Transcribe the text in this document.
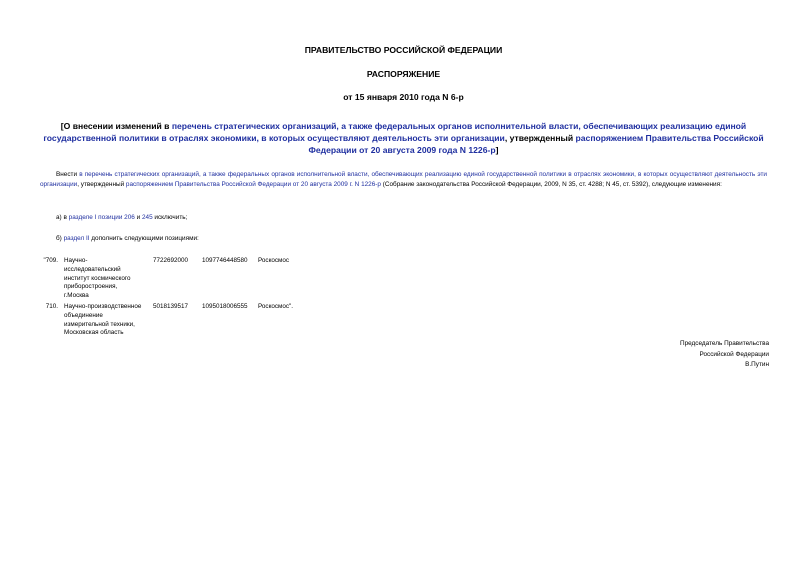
ПРАВИТЕЛЬСТВО РОССИЙСКОЙ ФЕДЕРАЦИИ
РАСПОРЯЖЕНИЕ
от 15 января 2010 года N 6-р
[О внесении изменений в перечень стратегических организаций, а также федеральных органов исполнительной власти, обеспечивающих реализацию единой государственной политики в отраслях экономики, в которых осуществляют деятельность эти организации, утвержденный распоряжением Правительства Российской Федерации от 20 августа 2009 года N 1226-р]
Внести в перечень стратегических организаций, а также федеральных органов исполнительной власти, обеспечивающих реализацию единой государственной политики в отраслях экономики, в которых осуществляют деятельность эти организации, утвержденный распоряжением Правительства Российской Федерации от 20 августа 2009 г. N 1226-р (Собрание законодательства Российской Федерации, 2009, N 35, ст. 4288; N 45, ст. 5392), следующие изменения:
а) в разделе I позиции 206 и 245 исключить;
б) раздел II дополнить следующими позициями:
"709. Научно-
исследовательский
институт космического
приборостроения,
г.Москва
7722692000 1097746448580 Роскосмос
710. Научно-производственное
объединение
измерительной техники,
Московская область
5018139517 1095018006555 Роскосмос".
Председатель Правительства
Российской Федерации
В.Путин
